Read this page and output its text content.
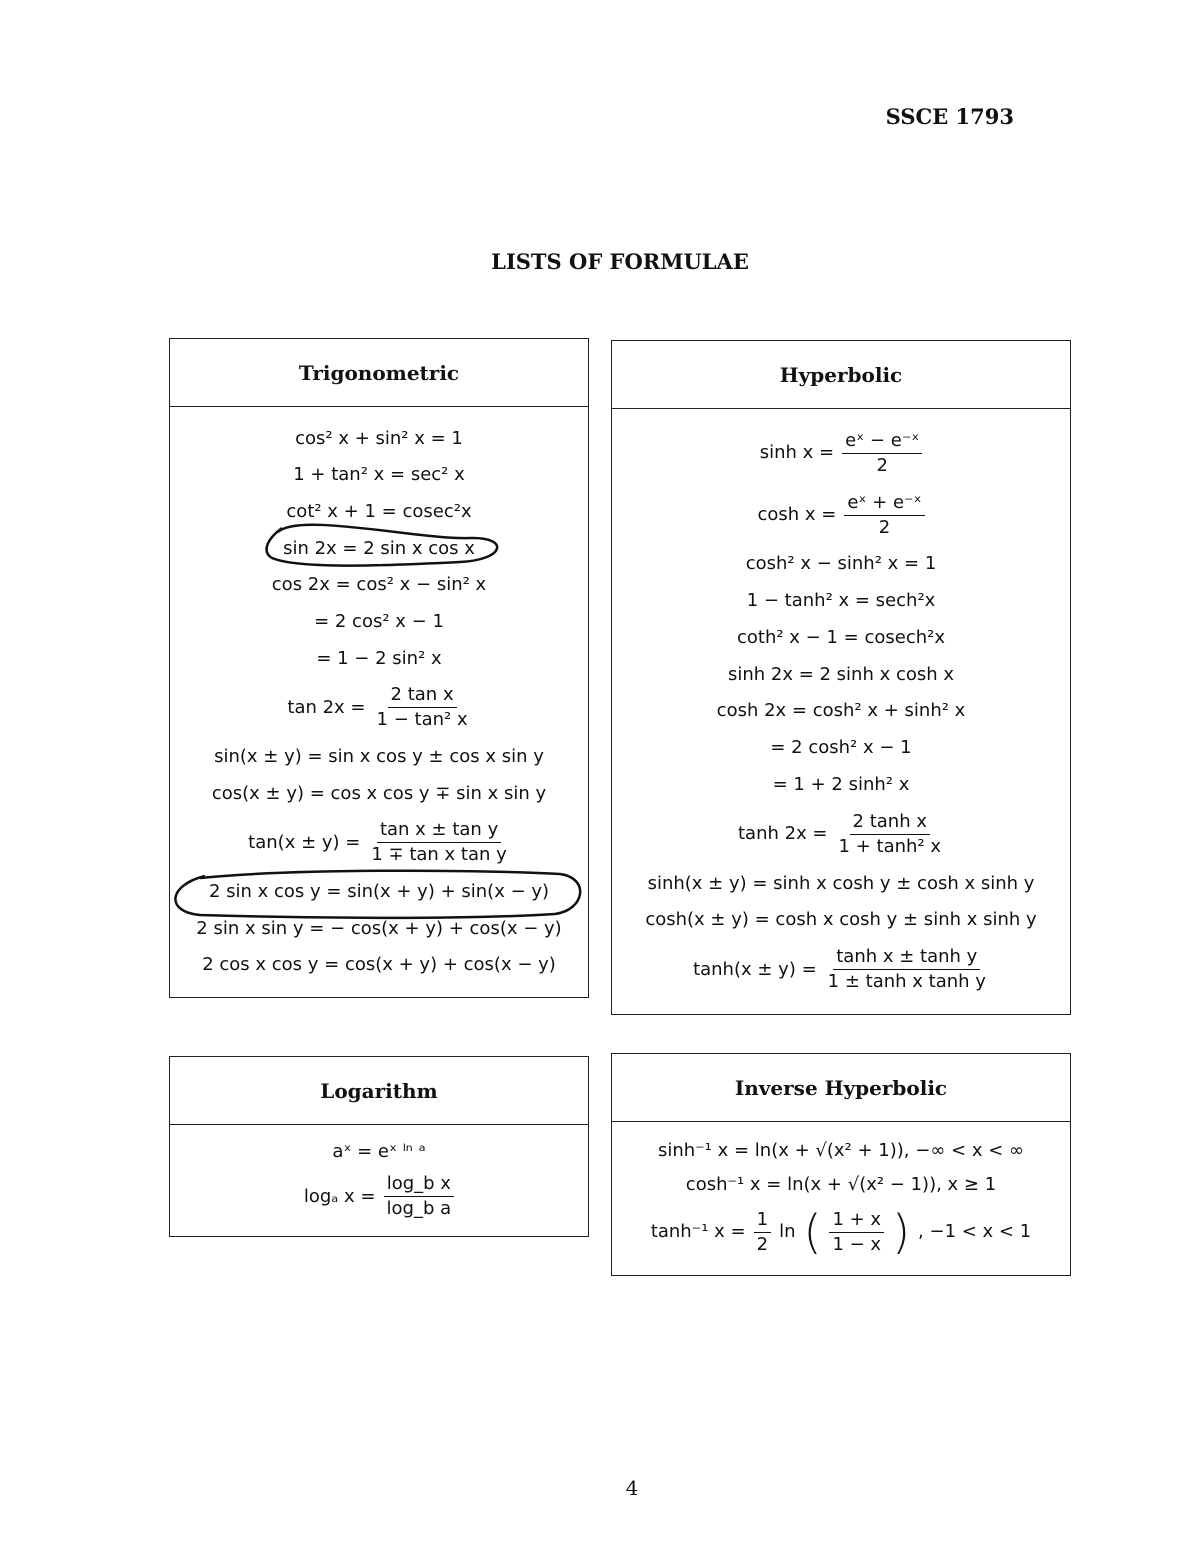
SSCE 1793
LISTS OF FORMULAE
Trigonometric
cos² x + sin² x = 1
1 + tan² x = sec² x
cot² x + 1 = cosec²x
sin 2x = 2 sin x cos x
cos 2x = cos² x − sin² x
= 2 cos² x − 1
= 1 − 2 sin² x
$\tan 2x = \frac{\text{2 tan x}}{\text{1 − tan² x}}$
sin(x ± y) = sin x cos y ± cos x sin y
cos(x ± y) = cos x cos y ∓ sin x sin y
$\tan(x \pm y) = \frac{\text{tan x ± tan y}}{\text{1 ∓ tan x tan y}}$
2 sin x cos y = sin(x + y) + sin(x − y)
2 sin x sin y = − cos(x + y) + cos(x − y)
2 cos x cos y = cos(x + y) + cos(x − y)
Hyperbolic
$\sinh x = \frac{\text{eˣ − e⁻ˣ}}{2}$
$\cosh x = \frac{\text{eˣ + e⁻ˣ}}{2}$
cosh² x − sinh² x = 1
1 − tanh² x = sech²x
coth² x − 1 = cosech²x
sinh 2x = 2 sinh x cosh x
cosh 2x = cosh² x + sinh² x
= 2 cosh² x − 1
= 1 + 2 sinh² x
$\tanh 2x = \frac{\text{2 tanh x}}{\text{1 + tanh² x}}$
sinh(x ± y) = sinh x cosh y ± cosh x sinh y
cosh(x ± y) = cosh x cosh y ± sinh x sinh y
$\tanh(x \pm y) = \frac{\text{tanh x ± tanh y}}{\text{1 ± tanh x tanh y}}$
Logarithm
aˣ = eˣ ˡⁿ ᵃ
logₐ $x = \frac{\text{log\_b x}}{\text{log\_b a}}$
Inverse Hyperbolic
sinh⁻¹ x = ln(x + √(x² + 1)), −∞ < x < ∞
cosh⁻¹ x = ln(x + √(x² − 1)), x ≥ 1
tanh⁻¹ $x = \frac{1}{2}$ ln ( $\frac{1 + x}{1 - x}$ ) , −1 < x < 1
4
